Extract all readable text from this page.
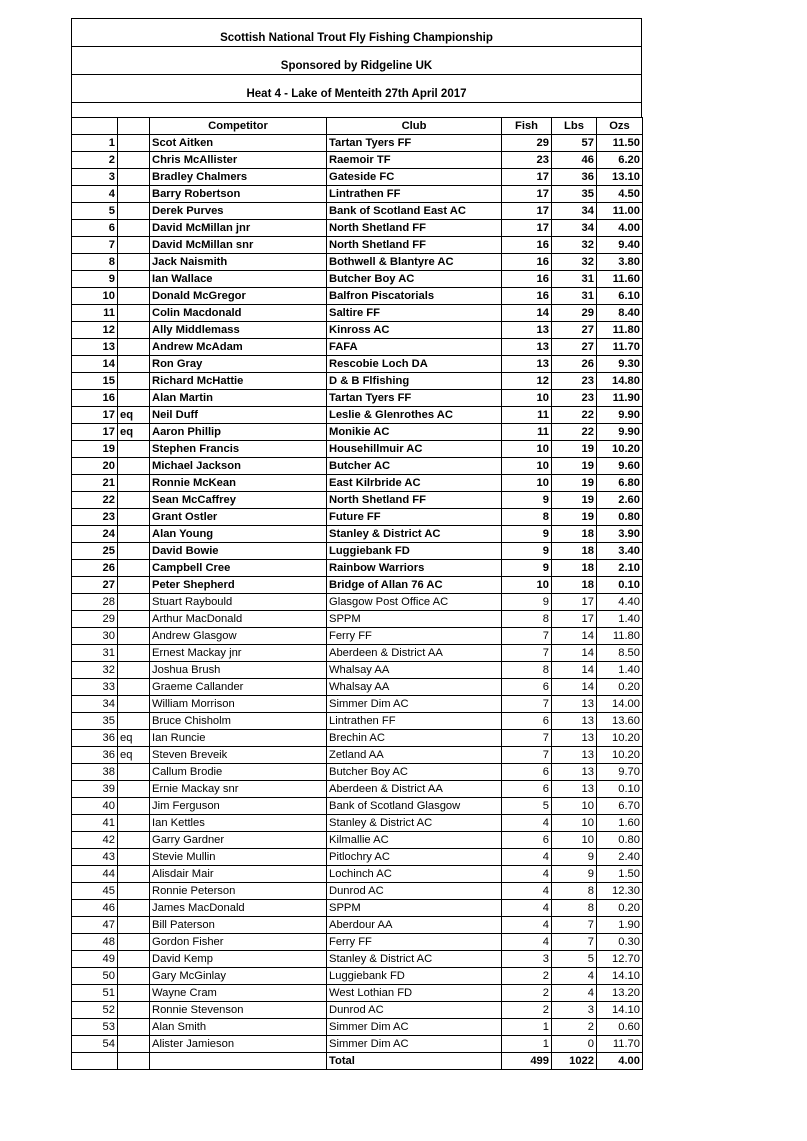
Scottish National Trout Fly Fishing Championship
Sponsored by Ridgeline UK
Heat 4 - Lake of Menteith 27th April 2017
		Competitor	Club	Fish	Lbs	Ozs
1		Scot Aitken	Tartan Tyers FF	29	57	11.50
2		Chris McAllister	Raemoir TF	23	46	6.20
3		Bradley Chalmers	Gateside FC	17	36	13.10
4		Barry Robertson	Lintrathen FF	17	35	4.50
5		Derek Purves	Bank of Scotland East AC	17	34	11.00
6		David McMillan jnr	North Shetland FF	17	34	4.00
7		David McMillan snr	North Shetland FF	16	32	9.40
8		Jack Naismith	Bothwell & Blantyre AC	16	32	3.80
9		Ian Wallace	Butcher Boy AC	16	31	11.60
10		Donald McGregor	Balfron Piscatorials	16	31	6.10
11		Colin Macdonald	Saltire FF	14	29	8.40
12		Ally Middlemass	Kinross AC	13	27	11.80
13		Andrew McAdam	FAFA	13	27	11.70
14		Ron Gray	Rescobie Loch DA	13	26	9.30
15		Richard McHattie	D & B Flfishing	12	23	14.80
16		Alan Martin	Tartan Tyers FF	10	23	11.90
17	eq	Neil Duff	Leslie & Glenrothes AC	11	22	9.90
17	eq	Aaron Phillip	Monikie AC	11	22	9.90
19		Stephen Francis	Househillmuir AC	10	19	10.20
20		Michael Jackson	Butcher AC	10	19	9.60
21		Ronnie McKean	East Kilrbride AC	10	19	6.80
22		Sean McCaffrey	North Shetland FF	9	19	2.60
23		Grant Ostler	Future FF	8	19	0.80
24		Alan Young	Stanley & District AC	9	18	3.90
25		David Bowie	Luggiebank FD	9	18	3.40
26		Campbell Cree	Rainbow Warriors	9	18	2.10
27		Peter Shepherd	Bridge of Allan 76 AC	10	18	0.10
28		Stuart Raybould	Glasgow Post Office AC	9	17	4.40
29		Arthur MacDonald	SPPM	8	17	1.40
30		Andrew Glasgow	Ferry FF	7	14	11.80
31		Ernest Mackay jnr	Aberdeen & District AA	7	14	8.50
32		Joshua Brush	Whalsay AA	8	14	1.40
33		Graeme Callander	Whalsay AA	6	14	0.20
34		William Morrison	Simmer Dim AC	7	13	14.00
35		Bruce Chisholm	Lintrathen FF	6	13	13.60
36	eq	Ian Runcie	Brechin AC	7	13	10.20
36	eq	Steven Breveik	Zetland AA	7	13	10.20
38		Callum Brodie	Butcher Boy AC	6	13	9.70
39		Ernie Mackay snr	Aberdeen & District AA	6	13	0.10
40		Jim Ferguson	Bank of Scotland Glasgow	5	10	6.70
41		Ian Kettles	Stanley & District AC	4	10	1.60
42		Garry Gardner	Kilmallie AC	6	10	0.80
43		Stevie Mullin	Pitlochry AC	4	9	2.40
44		Alisdair Mair	Lochinch AC	4	9	1.50
45		Ronnie Peterson	Dunrod AC	4	8	12.30
46		James MacDonald	SPPM	4	8	0.20
47		Bill Paterson	Aberdour AA	4	7	1.90
48		Gordon Fisher	Ferry FF	4	7	0.30
49		David Kemp	Stanley & District AC	3	5	12.70
50		Gary McGinlay	Luggiebank FD	2	4	14.10
51		Wayne Cram	West Lothian FD	2	4	13.20
52		Ronnie Stevenson	Dunrod AC	2	3	14.10
53		Alan Smith	Simmer Dim AC	1	2	0.60
54		Alister Jamieson	Simmer Dim AC	1	0	11.70
			Total	499	1022	4.00
